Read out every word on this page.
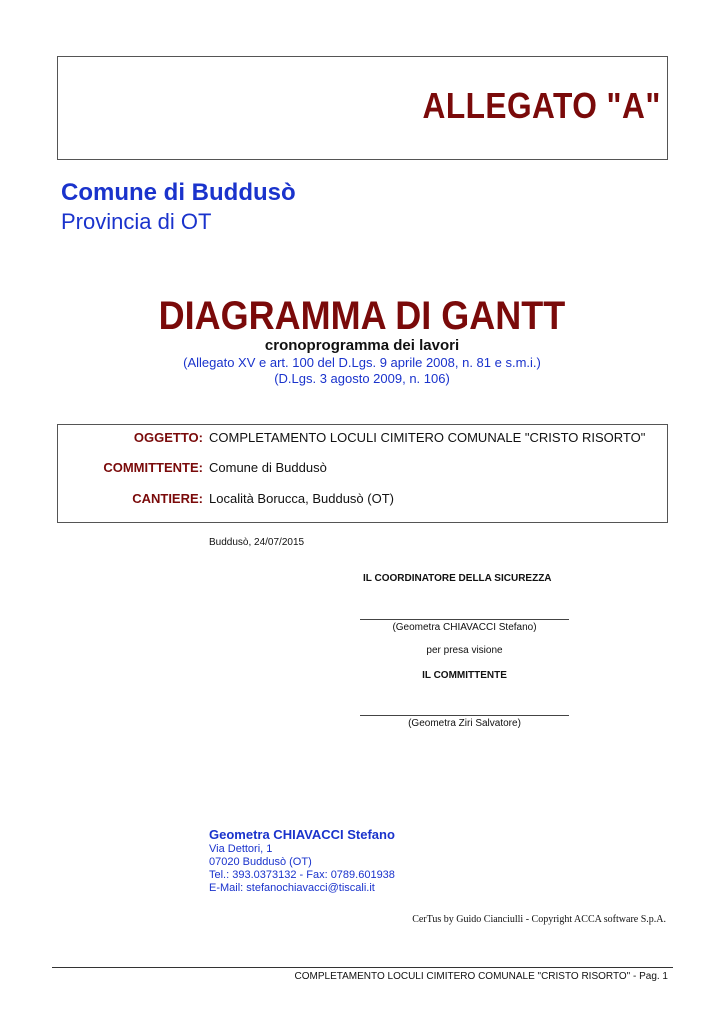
ALLEGATO "A"
Comune di Buddusò
Provincia di OT
DIAGRAMMA DI GANTT
cronoprogramma dei lavori
(Allegato XV e art. 100 del D.Lgs. 9 aprile 2008, n. 81 e s.m.i.)
(D.Lgs. 3 agosto 2009, n. 106)
OGGETTO: COMPLETAMENTO LOCULI CIMITERO COMUNALE "CRISTO RISORTO"
COMMITTENTE: Comune di Buddusò
CANTIERE: Località Borucca, Buddusò (OT)
Buddusò, 24/07/2015
IL COORDINATORE DELLA SICUREZZA
(Geometra CHIAVACCI Stefano)
per presa visione
IL COMMITTENTE
(Geometra Ziri Salvatore)
Geometra CHIAVACCI Stefano
Via Dettori, 1
07020 Buddusò (OT)
Tel.: 393.0373132 - Fax: 0789.601938
E-Mail: stefanochiavacci@tiscali.it
CerTus by Guido Cianciulli - Copyright ACCA software S.p.A.
COMPLETAMENTO LOCULI CIMITERO COMUNALE "CRISTO RISORTO" - Pag. 1
